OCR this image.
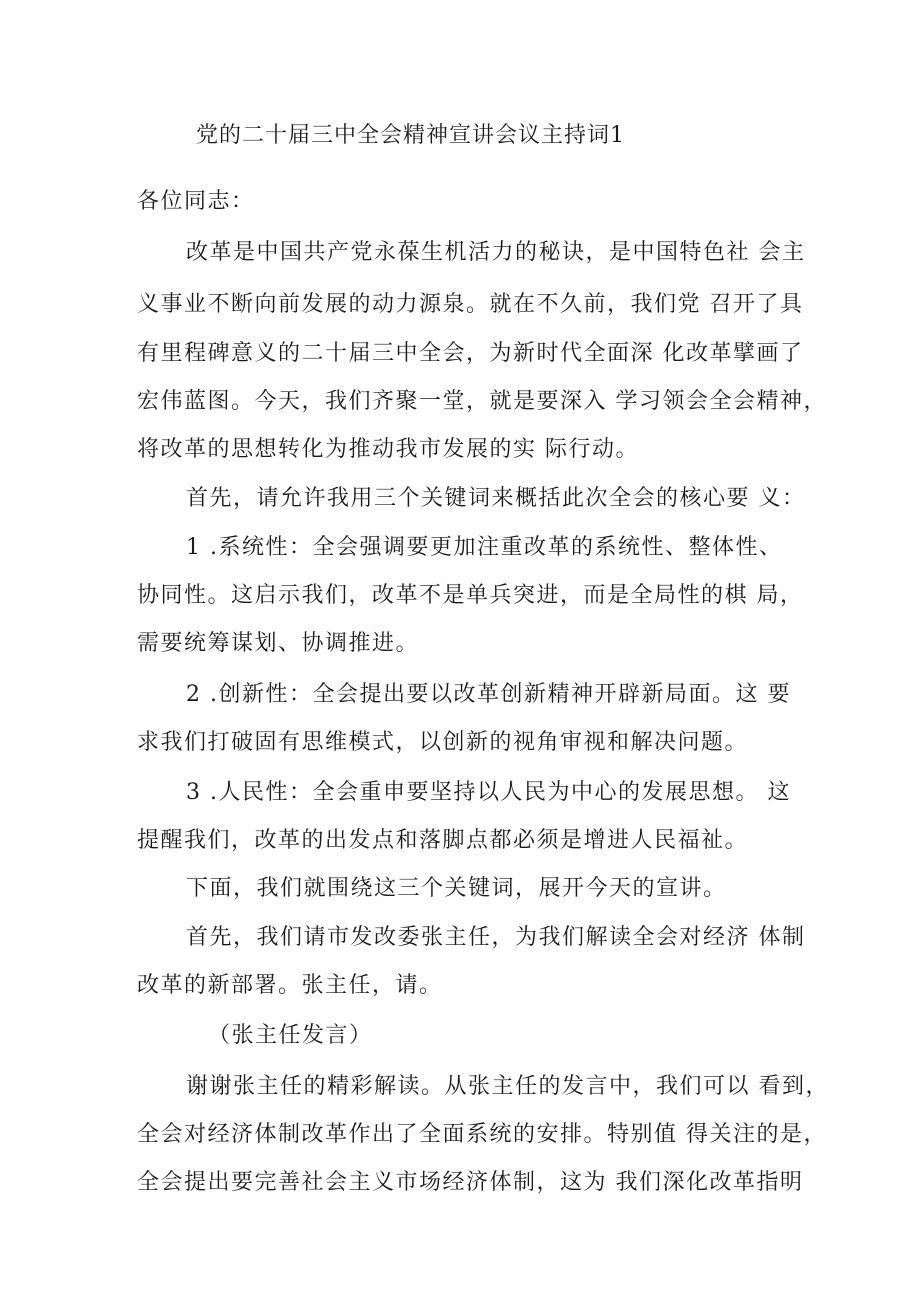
党的二十届三中全会精神宣讲会议主持词1
各位同志：
改革是中国共产党永葆生机活力的秘诀，是中国特色社 会主
义事业不断向前发展的动力源泉。就在不久前，我们党 召开了具
有里程碑意义的二十届三中全会，为新时代全面深 化改革擘画了
宏伟蓝图。今天，我们齐聚一堂，就是要深入 学习领会全会精神，
将改革的思想转化为推动我市发展的实 际行动。
首先，请允许我用三个关键词来概括此次全会的核心要 义：
1 .系统性：全会强调要更加注重改革的系统性、整体性、
协同性。这启示我们，改革不是单兵突进，而是全局性的棋 局，
需要统筹谋划、协调推进。
2 .创新性：全会提出要以改革创新精神开辟新局面。这 要
求我们打破固有思维模式，以创新的视角审视和解决问题。
3 .人民性：全会重申要坚持以人民为中心的发展思想。 这
提醒我们，改革的出发点和落脚点都必须是增进人民福祉。
下面，我们就围绕这三个关键词，展开今天的宣讲。
首先，我们请市发改委张主任，为我们解读全会对经济 体制
改革的新部署。张主任，请。
（张主任发言）
谢谢张主任的精彩解读。从张主任的发言中，我们可以 看到，
全会对经济体制改革作出了全面系统的安排。特别值 得关注的是，
全会提出要完善社会主义市场经济体制，这为 我们深化改革指明
